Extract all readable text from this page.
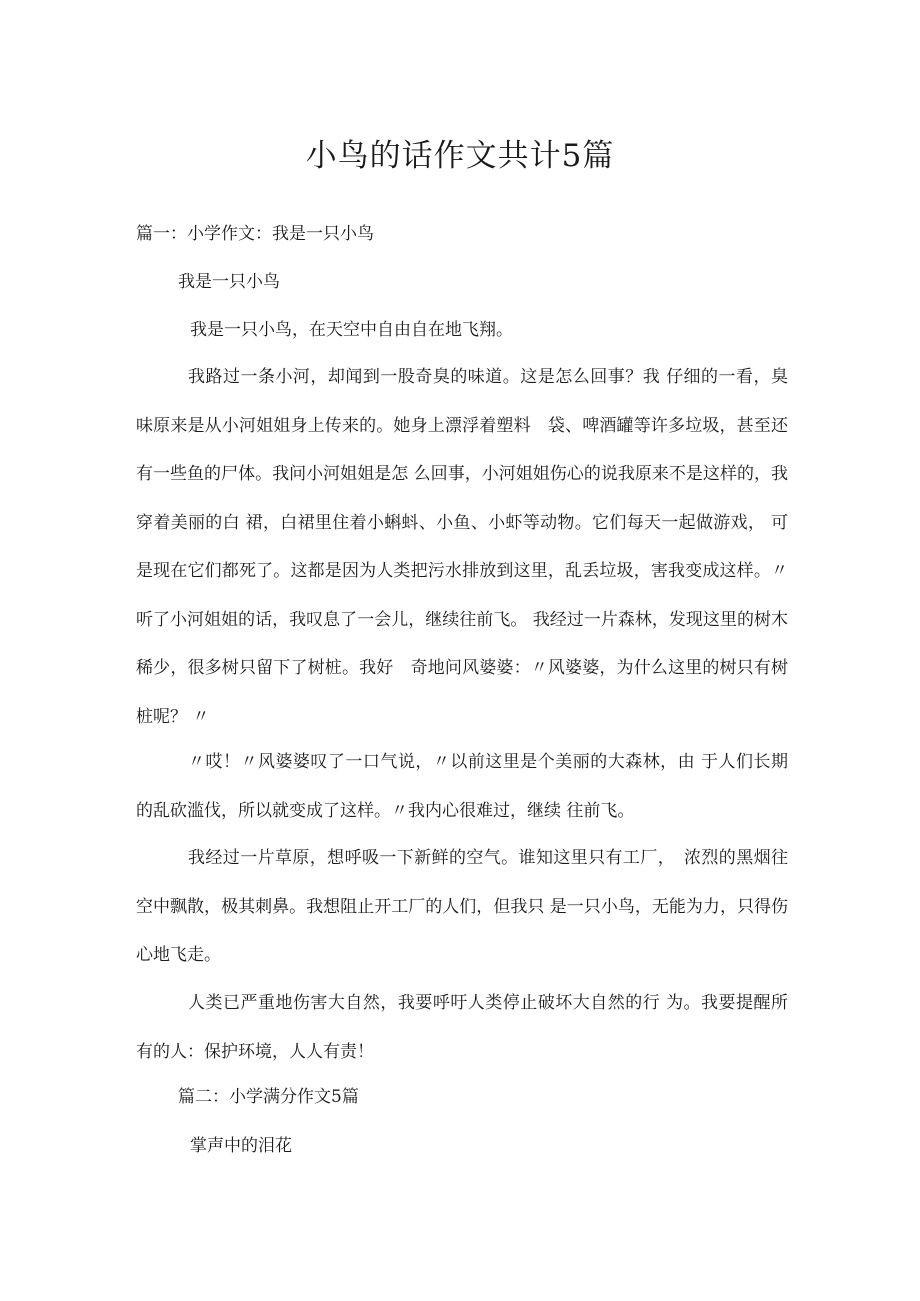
小鸟的话作文共计5篇
篇一：小学作文：我是一只小鸟
我是一只小鸟
我是一只小鸟，在天空中自由自在地飞翔。
我路过一条小河，却闻到一股奇臭的味道。这是怎么回事？我 仔细的一看，臭味原来是从小河姐姐身上传来的。她身上漂浮着塑料　袋、啤酒罐等许多垃圾，甚至还有一些鱼的尸体。我问小河姐姐是怎 么回事，小河姐姐伤心的说我原来不是这样的，我穿着美丽的白 裙，白裙里住着小蝌蚪、小鱼、小虾等动物。它们每天一起做游戏， 可是现在它们都死了。这都是因为人类把污水排放到这里，乱丢垃圾，害我变成这样。〃听了小河姐姐的话，我叹息了一会儿，继续往前飞。 我经过一片森林，发现这里的树木稀少，很多树只留下了树桩。我好　奇地问风婆婆：〃风婆婆，为什么这里的树只有树桩呢？ 〃
〃哎！〃风婆婆叹了一口气说，〃以前这里是个美丽的大森林，由 于人们长期的乱砍滥伐，所以就变成了这样。〃我内心很难过，继续 往前飞。
我经过一片草原，想呼吸一下新鲜的空气。谁知这里只有工厂，　浓烈的黑烟往空中飘散，极其刺鼻。我想阻止开工厂的人们，但我只 是一只小鸟，无能为力，只得伤心地飞走。
人类已严重地伤害大自然，我要呼吁人类停止破坏大自然的行 为。我要提醒所有的人：保护环境，人人有责！
篇二：小学满分作文5篇
掌声中的泪花
